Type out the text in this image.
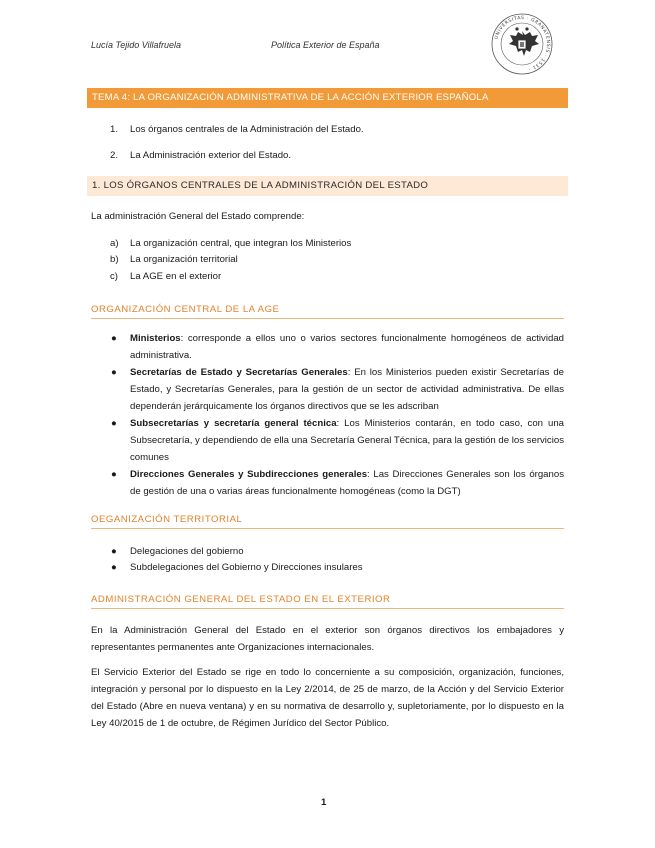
Lucía Tejido Villafruela	Política Exterior de España
UNIVERSITAS · GRANATENSIS · 1531 ·
TEMA 4: LA ORGANIZACIÓN ADMINISTRATIVA DE LA ACCIÓN EXTERIOR ESPAÑOLA
1. Los órganos centrales de la Administración del Estado.
2. La Administración exterior del Estado.
1. LOS ÓRGANOS CENTRALES DE LA ADMINISTRACIÓN DEL ESTADO
La administración General del Estado comprende:
a) La organización central, que integran los Ministerios
b) La organización territorial
c) La AGE en el exterior
ORGANIZACIÓN CENTRAL DE LA AGE
● Ministerios: corresponde a ellos uno o varios sectores funcionalmente homogéneos de actividad administrativa.
● Secretarías de Estado y Secretarías Generales: En los Ministerios pueden existir Secretarías de Estado, y Secretarías Generales, para la gestión de un sector de actividad administrativa. De ellas dependerán jerárquicamente los órganos directivos que se les adscriban
● Subsecretarías y secretaría general técnica: Los Ministerios contarán, en todo caso, con una Subsecretaría, y dependiendo de ella una Secretaría General Técnica, para la gestión de los servicios comunes
● Direcciones Generales y Subdirecciones generales: Las Direcciones Generales son los órganos de gestión de una o varias áreas funcionalmente homogéneas (como la DGT)
OEGANIZACIÓN TERRITORIAL
● Delegaciones del gobierno
● Subdelegaciones del Gobierno y Direcciones insulares
ADMINISTRACIÓN GENERAL DEL ESTADO EN EL EXTERIOR
En la Administración General del Estado en el exterior son órganos directivos los embajadores y representantes permanentes ante Organizaciones internacionales.
El Servicio Exterior del Estado se rige en todo lo concerniente a su composición, organización, funciones, integración y personal por lo dispuesto en la Ley 2/2014, de 25 de marzo, de la Acción y del Servicio Exterior del Estado (Abre en nueva ventana) y en su normativa de desarrollo y, supletoriamente, por lo dispuesto en la Ley 40/2015 de 1 de octubre, de Régimen Jurídico del Sector Público.
1
